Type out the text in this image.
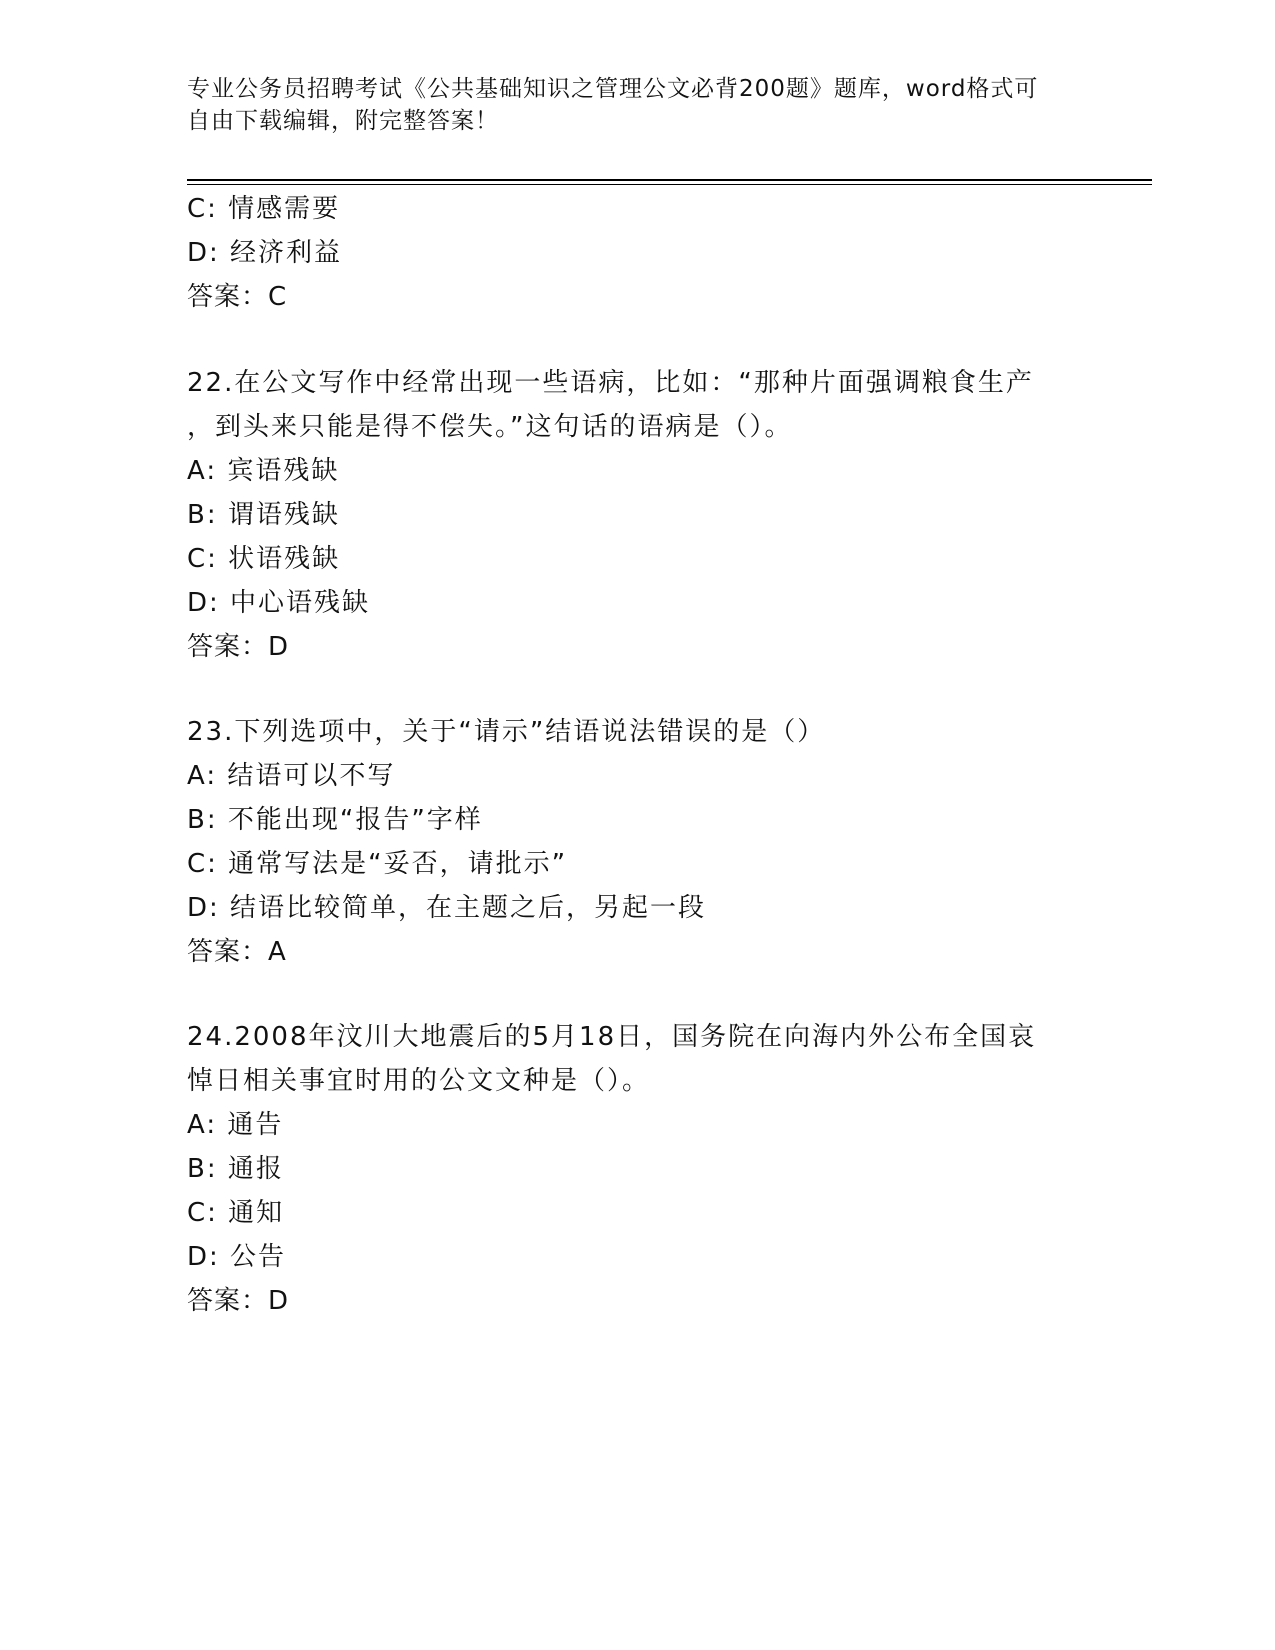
专业公务员招聘考试《公共基础知识之管理公文必背200题》题库，word格式可
自由下载编辑，附完整答案！
C: 情感需要
D: 经济利益
答案：C
22.在公文写作中经常出现一些语病，比如：“那种片面强调粮食生产
，到头来只能是得不偿失。”这句话的语病是（）。
A: 宾语残缺
B: 谓语残缺
C: 状语残缺
D: 中心语残缺
答案：D
23.下列选项中，关于“请示”结语说法错误的是（）
A: 结语可以不写
B: 不能出现“报告”字样
C: 通常写法是“妥否，请批示”
D: 结语比较简单，在主题之后，另起一段
答案：A
24.2008年汶川大地震后的5月18日，国务院在向海内外公布全国哀
悼日相关事宜时用的公文文种是（）。
A: 通告
B: 通报
C: 通知
D: 公告
答案：D
